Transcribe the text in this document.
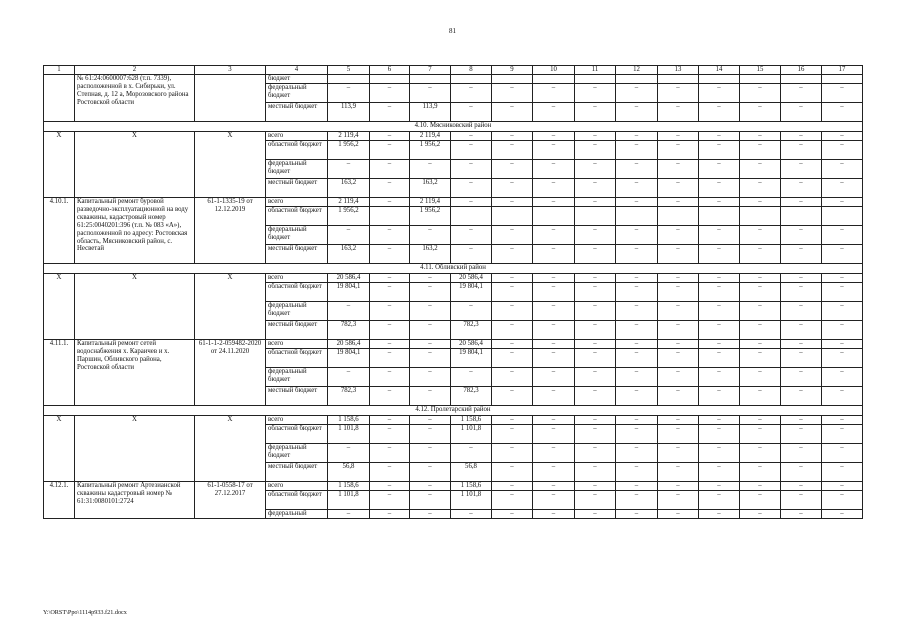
81
1	2	3	4	5	6	7	8	9	10	11	12	13	14	15	16	17
	№ 61:24:0600007:628 (т.п. 7339), расположенной в х. Сибирьки, ул. Степная, д. 12 а, Морозовского района Ростовской области		бюджет													
			федеральный бюджет	–	–	–	–	–	–	–	–	–	–	–	–	–
			местный бюджет	113,9	–	113,9	–	–	–	–	–	–	–	–	–	–
4.10. Мясниковский район																
Х	Х	Х	всего	2 119,4	–	2 119,4	–	–	–	–	–	–	–	–	–	–
			областной бюджет	1 956,2	–	1 956,2	–	–	–	–	–	–	–	–	–	–
			федеральный бюджет	–	–	–	–	–	–	–	–	–	–	–	–	–
			местный бюджет	163,2	–	163,2	–	–	–	–	–	–	–	–	–	–
4.10.1.	Капитальный ремонт буровой разведочно-эксплуатационной на воду скважины, кадастровый номер 61:25:0040201:396 (т.п. № 083 «А»), расположенной по адресу: Ростовская область, Мясниковский район, с. Несветай	61-1-1335-19 от 12.12.2019	всего	2 119,4	–	2 119,4	–	–	–	–	–	–	–	–	–	–
			областной бюджет	1 956,2		1 956,2										
			федеральный бюджет	–	–	–	–	–	–	–	–	–	–	–	–	–
			местный бюджет	163,2	–	163,2	–	–	–	–	–	–	–	–	–	–
4.11. Обливский район																
Х	Х	Х	всего	20 586,4	–	–	20 586,4	–	–	–	–	–	–	–	–	–
			областной бюджет	19 804,1	–	–	19 804,1	–	–	–	–	–	–	–	–	–
			федеральный бюджет	–	–	–	–	–	–	–	–	–	–	–	–	–
			местный бюджет	782,3	–	–	782,3	–	–	–	–	–	–	–	–	–
4.11.1.	Капитальный ремонт сетей водоснабжения х. Караичев и х. Паршин, Обливского района, Ростовской области	61-1-1-2-059482-2020 от 24.11.2020	всего	20 586,4	–	–	20 586,4	–	–	–	–	–	–	–	–	–
			областной бюджет	19 804,1	–	–	19 804,1	–	–	–	–	–	–	–	–	–
			федеральный бюджет	–	–	–	–	–	–	–	–	–	–	–	–	–
			местный бюджет	782,3	–	–	782,3	–	–	–	–	–	–	–	–	–
4.12. Пролетарский район																
Х	Х	Х	всего	1 158,6	–	–	1 158,6	–	–	–	–	–	–	–	–	–
			областной бюджет	1 101,8	–	–	1 101,8	–	–	–	–	–	–	–	–	–
			федеральный бюджет	–	–	–	–	–	–	–	–	–	–	–	–	–
			местный бюджет	56,8	–	–	56,8	–	–	–	–	–	–	–	–	–
4.12.1.	Капитальный ремонт Артезианской скважины кадастровый номер № 61:31:0080101:2724	61-1-0558-17 от 27.12.2017	всего	1 158,6	–	–	1 158,6	–	–	–	–	–	–	–	–	–
			областной бюджет	1 101,8	–	–	1 101,8	–	–	–	–	–	–	–	–	–
			федеральный	–	–	–	–	–	–	–	–	–	–	–	–	–
Y:\ORST\Ppo\1114p933.f21.docx
